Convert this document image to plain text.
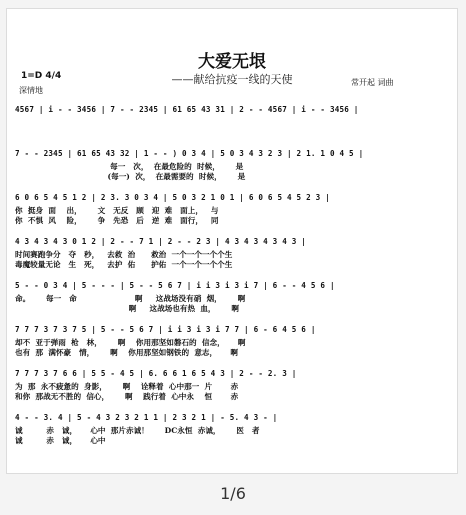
大爱无垠
——献给抗疫一线的天使
1=D 4/4
深情地
常开起 词曲
4567 | i - - 3456 | 7 - - 2345 | 61 65 43 31 | 2 - - 4567 | i - - 3456 |
7 - - 2345 | 61 65 43 32 | 1 - - ) 0 3 4 | 5 0 3 4 3 2 3 | 2 1. 1 0 4 5 |
每一   次，  在最危险的  时候，      是
(每一)  次，  在最需要的  时候，      是
6 0 6 5 4 5 1 2 | 2 3. 3 0 3 4 | 5 0 3 2 1 0 1 | 6 0 6 5 4 5 2 3 |
你  挺身  面    出，      文   无反   顾   迎  难   面上，   与
你  不惧  风    险，      争   先恐   后   逆  难   面行，   同
4 3 4 3 4 3 0 1 2 | 2 - - 7 1 | 2 - - 2 3 | 4 3 4 3 4 3 4 3 |
时间赛跑争分   夺   秒，   去救  治      救治  一个一个一个个生
毒魔较量无论   生   死，   去护  佑      护佑  一个一个一个个生
5 - - 0 3 4 | 5 - - - | 5 - - 5 6 7 | i i 3 i 3 i 7 | 6 - - 4 5 6 |
命。      每一   命                      啊     这战场没有硝  烟，      啊
啊     这战场也有热  血，      啊
7 7 7 3 7 3 7 5 | 5 - - 5 6 7 | i i 3 i 3 i 7 7 | 6 - 6 4 5 6 |
却不  亚于弹雨  枪   林，      啊    你用那坚如磐石的  信念，     啊
也有  那  满怀豪   情，      啊    你用那坚如钢铁的  意志，     啊
7 7 7 3 7 6 6 | 5 5 - 4 5 | 6. 6 6 1 6 5 4 3 | 2 - - 2. 3 |
为  那  永不疲惫的  身影，      啊    诠释着  心中那一  片       赤
和你  那战无不胜的  信心，      啊    践行着  心中永    恒       赤
4 - - 3. 4 | 5 - 4 3 2 3 2 1 1 | 2 3 2 1 | - 5. 4 3 - |
诚         赤   诚，     心中  那片赤诚！      DC永恒  赤诚，      医   者
诚         赤   诚，     心中
1/6
